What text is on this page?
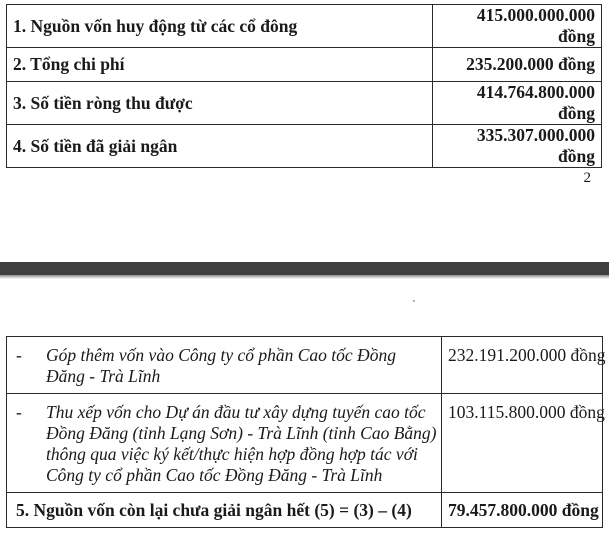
1. Nguồn vốn huy động từ các cổ đông	415.000.000.000 đồng
2. Tổng chi phí	235.200.000 đồng
3. Số tiền ròng thu được	414.764.800.000 đồng
4. Số tiền đã giải ngân	335.307.000.000 đồng
2
-	Góp thêm vốn vào Công ty cổ phần Cao tốc Đồng Đăng - Trà Lĩnh	232.191.200.000 đồng
-	Thu xếp vốn cho Dự án đầu tư xây dựng tuyến cao tốc Đồng Đăng (tỉnh Lạng Sơn) - Trà Lĩnh (tỉnh Cao Bằng) thông qua việc ký kết/thực hiện hợp đồng hợp tác với Công ty cổ phần Cao tốc Đồng Đăng - Trà Lĩnh	103.115.800.000 đồng
5. Nguồn vốn còn lại chưa giải ngân hết (5) = (3) – (4)		79.457.800.000 đồng
